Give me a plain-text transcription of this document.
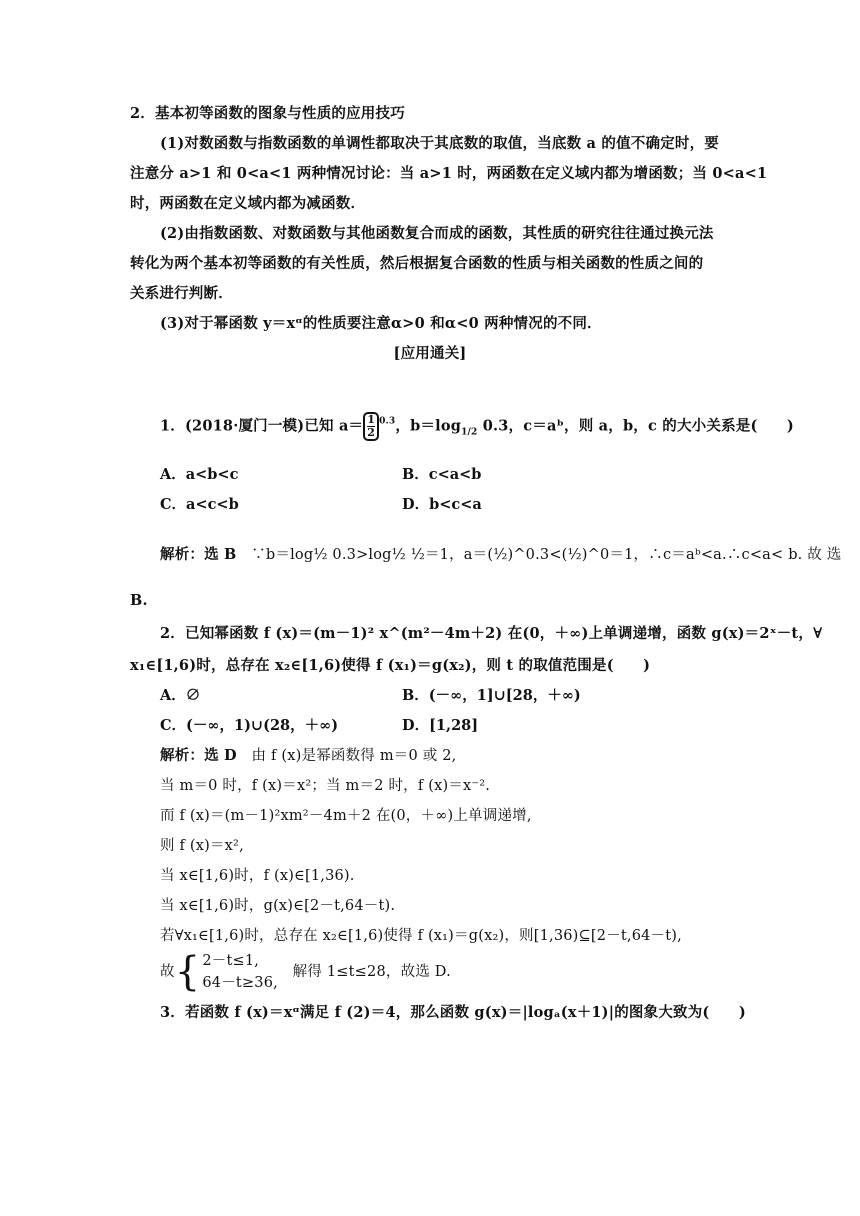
2．基本初等函数的图象与性质的应用技巧
(1)对数函数与指数函数的单调性都取决于其底数的取值，当底数 a 的值不确定时，要
注意分 a>1 和 0<a<1 两种情况讨论：当 a>1 时，两函数在定义域内都为增函数；当 0<a<1
时，两函数在定义域内都为减函数．
(2)由指数函数、对数函数与其他函数复合而成的函数，其性质的研究往往通过换元法
转化为两个基本初等函数的有关性质，然后根据复合函数的性质与相关函数的性质之间的
关系进行判断．
(3)对于幂函数 y＝xᵅ的性质要注意α>0 和α<0 两种情况的不同．
[应用通关]
1．(2018·厦门一模)已知 $a= \frac{1}{2} ^{0.3}$，$b=\log_{1/2}$ 0.3，c＝aᵇ，则 a，b，c 的大小关系是(　　)
A．a<b<c	B．c<a<b
C．a<c<b	D．b<c<a
解析：选 B　∵b＝log½ 0.3>log½ ½＝1，a＝(½)^0.3<(½)^0＝1，∴c＝aᵇ<a.∴c<a< b. 故 选
B.
2．已知幂函数 f (x)＝(m－1)² x^(m²－4m＋2) 在(0，＋∞)上单调递增，函数 g(x)＝2ˣ－t，∀
x₁∈[1,6)时，总存在 x₂∈[1,6)使得 f (x₁)＝g(x₂)，则 t 的取值范围是(　　)
A．∅	B．(－∞，1]∪[28，＋∞)
C．(－∞，1)∪(28，＋∞)	D．[1,28]
解析：选 D　由 f (x)是幂函数得 m＝0 或 2,
当 m＝0 时，f (x)＝x²；当 m＝2 时，f (x)＝x⁻².
而 f (x)＝(m－1)²xm²－4m＋2 在(0，＋∞)上单调递增,
则 f (x)＝x²,
当 x∈[1,6)时，f (x)∈[1,36).
当 x∈[1,6)时，g(x)∈[2－t,64－t).
若∀x₁∈[1,6)时，总存在 x₂∈[1,6)使得 f (x₁)＝g(x₂)，则[1,36)⊆[2－t,64－t),
故{ 2－t≤1,
64－t≥36,
　解得 1≤t≤28，故选 D.
3．若函数 f (x)＝xᵅ满足 f (2)＝4，那么函数 g(x)＝|logₐ(x＋1)|的图象大致为(　　)
